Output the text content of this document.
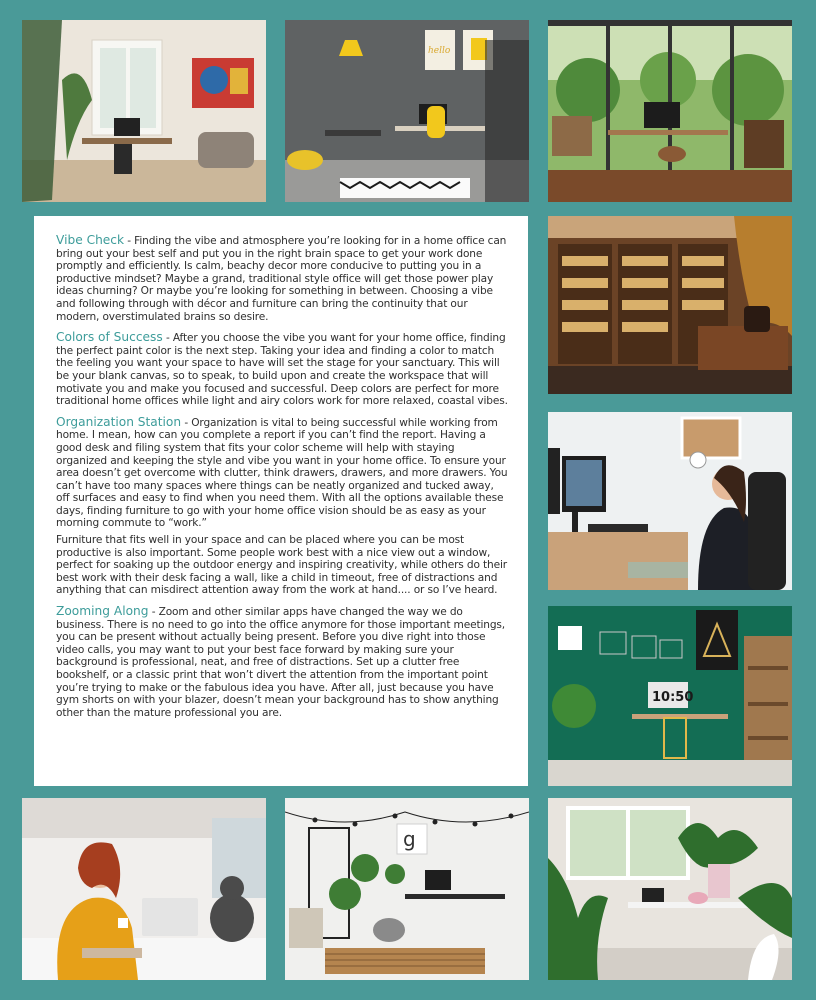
hello

Vibe Check - Finding the vibe and atmosphere you’re looking for in a home office can bring out your best self and put you in the right brain space to get your work done promptly and efficiently. Is calm, beachy decor more conducive to putting you in a productive mindset? Maybe a grand, traditional style office will get those power play ideas churning? Or maybe you’re looking for something in between. Choosing a vibe and following through with décor and furniture can bring the continuity that our modern, overstimulated brains so desire.

Colors of Success - After you choose the vibe you want for your home office, finding the perfect paint color is the next step. Taking your idea and finding a color to match the feeling you want your space to have will set the stage for your sanctuary. This will be your blank canvas, so to speak, to build upon and create the workspace that will motivate you and make you focused and successful. Deep colors are perfect for more traditional home offices while light and airy colors work for more relaxed, coastal vibes.

Organization Station - Organization is vital to being successful while working from home. I mean, how can you complete a report if you can’t find the report. Having a good desk and filing system that fits your color scheme will help with staying organized and keeping the style and vibe you want in your home office. To ensure your area doesn’t get overcome with clutter, think drawers, drawers, and more drawers. You can’t have too many spaces where things can be neatly organized and tucked away, off surfaces and easy to find when you need them. With all the options available these days, finding furniture to go with your home office vision should be as easy as your morning commute to “work.”

Furniture that fits well in your space and can be placed where you can be most productive is also important. Some people work best with a nice view out a window, perfect for soaking up the outdoor energy and inspiring creativity, while others do their best work with their desk facing a wall, like a child in timeout, free of distractions and anything that can misdirect attention away from the work at hand.... or so I’ve heard.

Zooming Along - Zoom and other similar apps have changed the way we do business. There is no need to go into the office anymore for those important meetings, you can be present without actually being present. Before you dive right into those video calls, you may want to put your best face forward by making sure your background is professional, neat, and free of distractions. Set up a clutter free bookshelf, or a classic print that won’t divert the attention from the important point you’re trying to make or the fabulous idea you have. After all, just because you have gym shorts on with your blazer, doesn’t mean your background has to show anything other than the mature professional you are.

10:50
g
